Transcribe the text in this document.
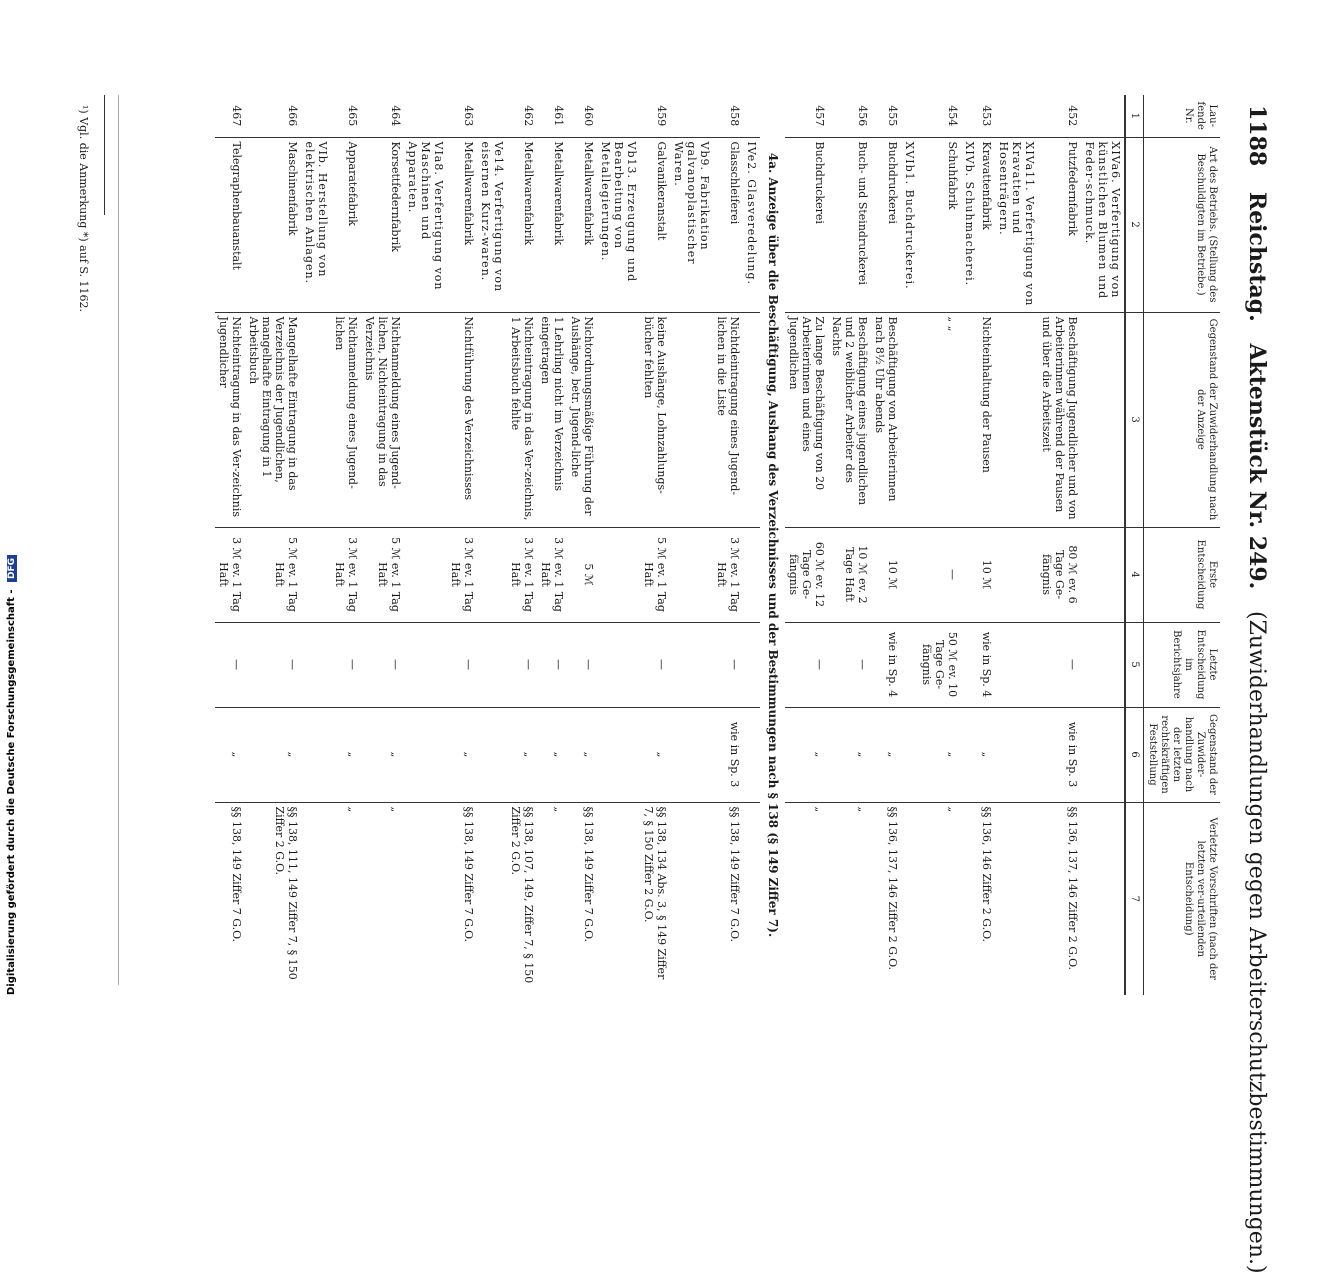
1188 Reichstag. Aktenstück Nr. 249. (Zuwiderhandlungen gegen Arbeiterschutzbestimmungen.)
Lau-fende Nr.	Art des Betriebs. (Stellung des Beschuldigten im Betriebe.)	Gegenstand der Zuwiderhandlung nach der Anzeige	Erste Entscheidung	Letzte Entscheidung im Berichtsjahre	Gegenstand der Zuwider-handlung nach der letzten rechtskräftigen Feststellung	Verletzte Vorschriften (nach der letzten ver-urteilenden Entscheidung)
1	2	3	4	5	6	7
	XIVa6. Verfertigung von künstlichen Blumen und Feder-schmuck.					
452	Putzfedernfabrik	Beschäftigung Jugendlicher und von Arbeiterinnen während der Pausen und über die Arbeitszeit	80 ℳ ev. 6 Tage Ge-fängnis	—	wie in Sp. 3	§§ 136, 137, 146 Ziffer 2 G.O.
	XIVa11. Verfertigung von Kravatten und Hosenträgern.					
453	Kravattenfabrik	Nichteinhaltung der Pausen	10 ℳ	wie in Sp. 4	„	§§ 136, 146 Ziffer 2 G.O.
	XIVb. Schuhmacherei.					
454	Schuhfabrik	„ „	—	50 ℳ ev. 10 Tage Ge-fängnis	„	„
	XVIb1. Buchdruckerei.					
455	Buchdruckerei	Beschäftigung von Arbeiterinnen nach 8½ Uhr abends	10 ℳ	wie in Sp. 4	„	§§ 136, 137, 146 Ziffer 2 G.O.
456	Buch- und Steindruckerei	Beschäftigung eines jugendlichen und 2 weiblicher Arbeiter des Nachts	10 ℳ ev. 2 Tage Haft	—	„	„
457	Buchdruckerei	Zu lange Beschäftigung von 20 Arbeiterinnen und eines Jugendlichen	60 ℳ ev. 12 Tage Ge-fängnis	—	„	„
4a. Anzeige über die Beschäftigung, Aushang des Verzeichnisses und der Bestimmungen nach § 138 (§ 149 Ziffer 7).						
	IVe2. Glasveredelung.					
458	Glasschleiferei	Nichtdeintragung eines Jugend-lichen in die Liste	3 ℳ ev. 1 Tag Haft	—	wie in Sp. 3	§§ 138, 149 Ziffer 7 G.O.
	Vb9. Fabrikation galvanoplastischer Waren.					
459	Galvanikeranstalt	keine Aushänge, Lohnzahlungs-bücher fehlten	5 ℳ ev. 1 Tag Haft	—	„	§§ 138, 134 Abs. 3, § 149 Ziffer 7, § 150 Ziffer 2 G.O.
	Vb13. Erzeugung und Bearbeitung von Metallegierungen.					
460	Metallwarenfabrik	Nichtordnungsmäßige Führung der Aushänge, betr. Jugend-liche	5 ℳ	—	„	§§ 138, 149 Ziffer 7 G.O.
461	Metallwarenfabrik	1 Lehrling nicht im Verzeichnis eingetragen	3 ℳ ev. 1 Tag Haft	—	„	„
462	Metallwarenfabrik	Nichteintragung in das Ver-zeichnis, 1 Arbeitsbuch fehlte	3 ℳ ev. 1 Tag Haft	—	„	§§ 138, 107, 149, Ziffer 7, § 150 Ziffer 2 G.O.
	Ve14. Verfertigung von eisernen Kurz-waren.					
463	Metallwarenfabrik	Nichtführung des Verzeichnisses	3 ℳ ev. 1 Tag Haft	—	„	§§ 138, 149 Ziffer 7 G.O.
	VIa8. Verfertigung von Maschinen und Apparaten.					
464	Korsettfedernfabrik	Nichtanmeldung eines Jugend-lichen, Nichteintragung in das Verzeichnis	5 ℳ ev. 1 Tag Haft	—	„	„
465	Apparatefabrik	Nichtanmeldung eines Jugend-lichen	3 ℳ ev. 1 Tag Haft	—	„	„
	VIb. Herstellung von elektrischen Anlagen.					
466	Maschinenfabrik	Mangelhafte Eintragung in das Verzeichnis der Jugendlichen, mangelhafte Eintragung in 1 Arbeitsbuch	5 ℳ ev. 1 Tag Haft	—	„	§§ 138, 111, 149 Ziffer 7, § 150 Ziffer 2 G.O.
467	Telegraphenbauanstalt	Nichteintragung in das Ver-zeichnis Jugendlicher	3 ℳ ev. 1 Tag Haft	—	„	§§ 138, 149 Ziffer 7 G.O.
¹) Vgl. die Anmerkung *) auf S. 1162.
Digitalisierung gefördert durch die Deutsche Forschungsgemeinschaft - DFG
